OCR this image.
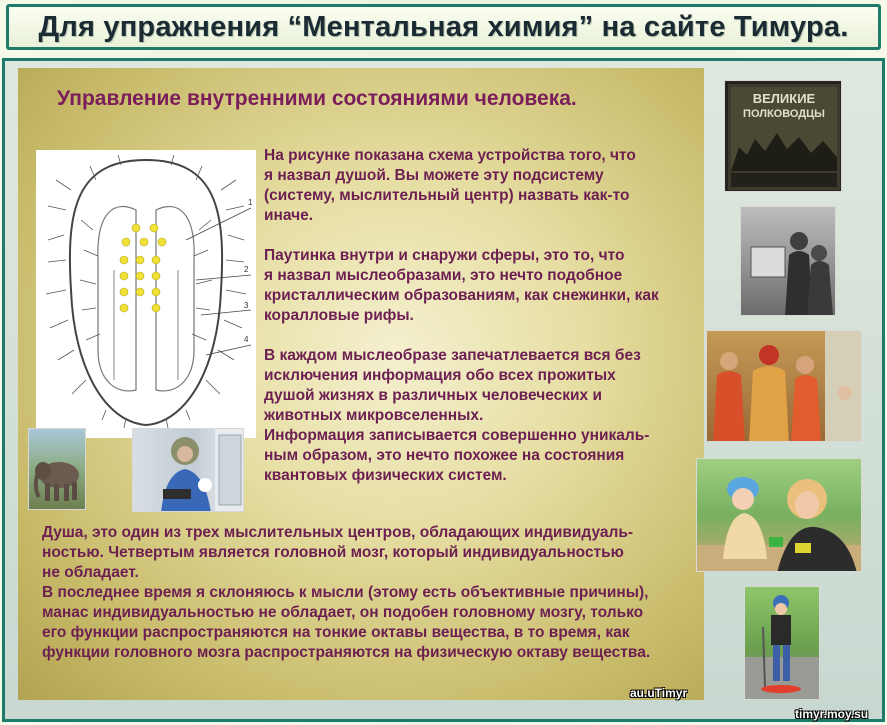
Для упражнения “Ментальная химия” на сайте Тимура.
Управление внутренними состояниями человека.
1
2
3
4
ВЕЛИКИЕ
ПОЛКОВОДЦЫ

На рисунке показана схема устройства того, что
я назвал душой. Вы можете эту подсистему
(систему, мыслительный центр) назвать как-то
иначе.

Паутинка внутри и снаружи сферы, это то, что
я назвал мыслеобразами, это нечто подобное
кристаллическим образованиям, как снежинки, как
коралловые рифы.

В каждом мыслеобразе запечатлевается вся без
исключения информация обо всех прожитых
душой жизнях в различных человеческих и
животных микровселенных.
Информация записывается совершенно уникаль-
ным образом, это нечто похожее на состояния
квантовых физических систем.

Душа, это один из трех мыслительных центров, обладающих индивидуаль-
ностью. Четвертым является головной мозг, который индивидуальностью
не обладает.
В последнее время я склоняюсь к мысли (этому есть объективные причины),
манас индивидуальностью не обладает, он подобен головному мозгу, только
его функции распространяются на тонкие октавы вещества, в то время, как
функции головного мозга распространяются на физическую октаву вещества.

au.uTimyr
timyr.moy.su
